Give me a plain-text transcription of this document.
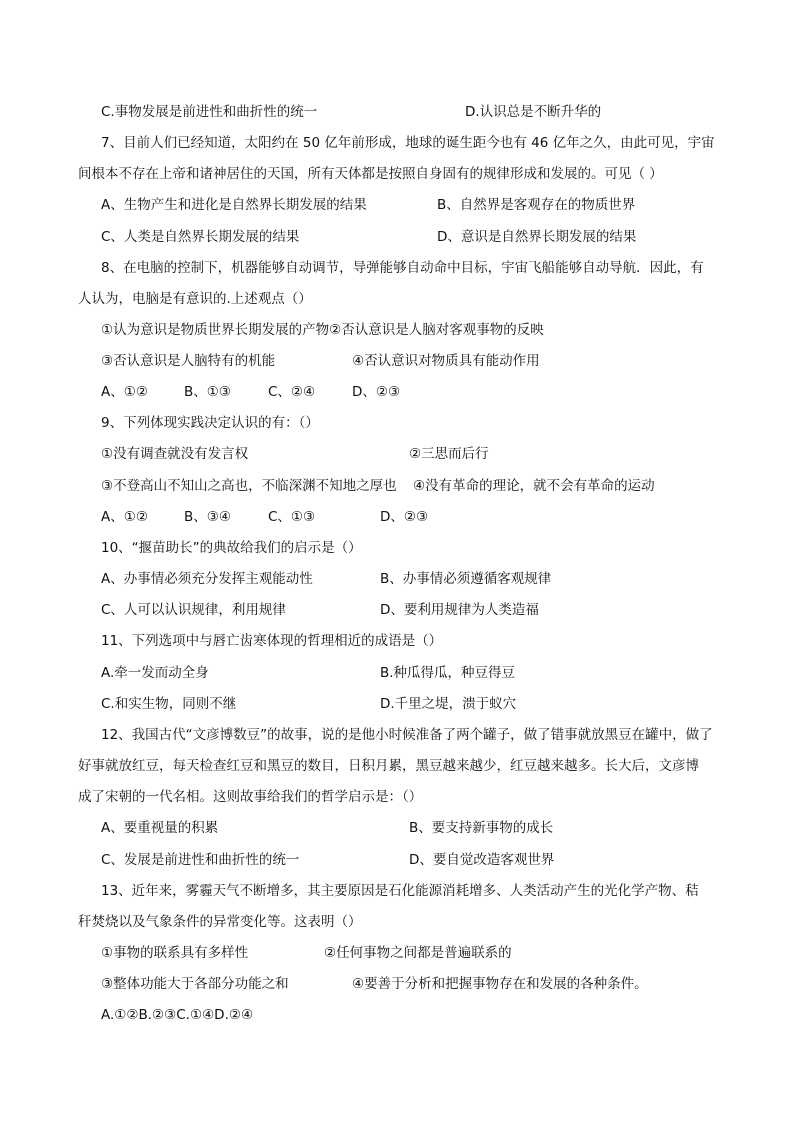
C.事物发展是前进性和曲折性的统一	D.认识总是不断升华的
7、目前人们已经知道，太阳约在 50 亿年前形成，地球的诞生距今也有 46 亿年之久，由此可见，宇宙
间根本不存在上帝和诸神居住的天国，所有天体都是按照自身固有的规律形成和发展的。可见（ ）
A、生物产生和进化是自然界长期发展的结果	B、自然界是客观存在的物质世界
C、人类是自然界长期发展的结果	D、意识是自然界长期发展的结果
8、在电脑的控制下，机器能够自动调节，导弹能够自动命中目标，宇宙飞船能够自动导航．因此，有
人认为，电脑是有意识的.上述观点（）
①认为意识是物质世界长期发展的产物②否认意识是人脑对客观事物的反映
③否认意识是人脑特有的机能	④否认意识对物质具有能动作用
A、①②	B、①③	C、②④	D、②③
9、下列体现实践决定认识的有：（）
①没有调查就没有发言权	②三思而后行
③不登高山不知山之高也，不临深渊不知地之厚也 ④没有革命的理论，就不会有革命的运动
A、①②	B、③④	C、①③	D、②③
10、“揠苗助长”的典故给我们的启示是（）
A、办事情必须充分发挥主观能动性	B、办事情必须遵循客观规律
C、人可以认识规律，利用规律	D、要利用规律为人类造福
11、下列选项中与唇亡齿寒体现的哲理相近的成语是（）
A.牵一发而动全身	B.种瓜得瓜，种豆得豆
C.和实生物，同则不继	D.千里之堤，溃于蚁穴
12、我国古代“文彦博数豆”的故事，说的是他小时候准备了两个罐子，做了错事就放黑豆在罐中，做了
好事就放红豆，每天检查红豆和黑豆的数目，日积月累，黑豆越来越少，红豆越来越多。长大后，文彦博
成了宋朝的一代名相。这则故事给我们的哲学启示是：（）
A、要重视量的积累	B、要支持新事物的成长
C、发展是前进性和曲折性的统一	D、要自觉改造客观世界
13、近年来，雾霾天气不断增多，其主要原因是石化能源消耗增多、人类活动产生的光化学产物、秸
秆焚烧以及气象条件的异常变化等。这表明（）
①事物的联系具有多样性	②任何事物之间都是普遍联系的
③整体功能大于各部分功能之和	④要善于分析和把握事物存在和发展的各种条件。
A.①②B.②③C.①④D.②④
